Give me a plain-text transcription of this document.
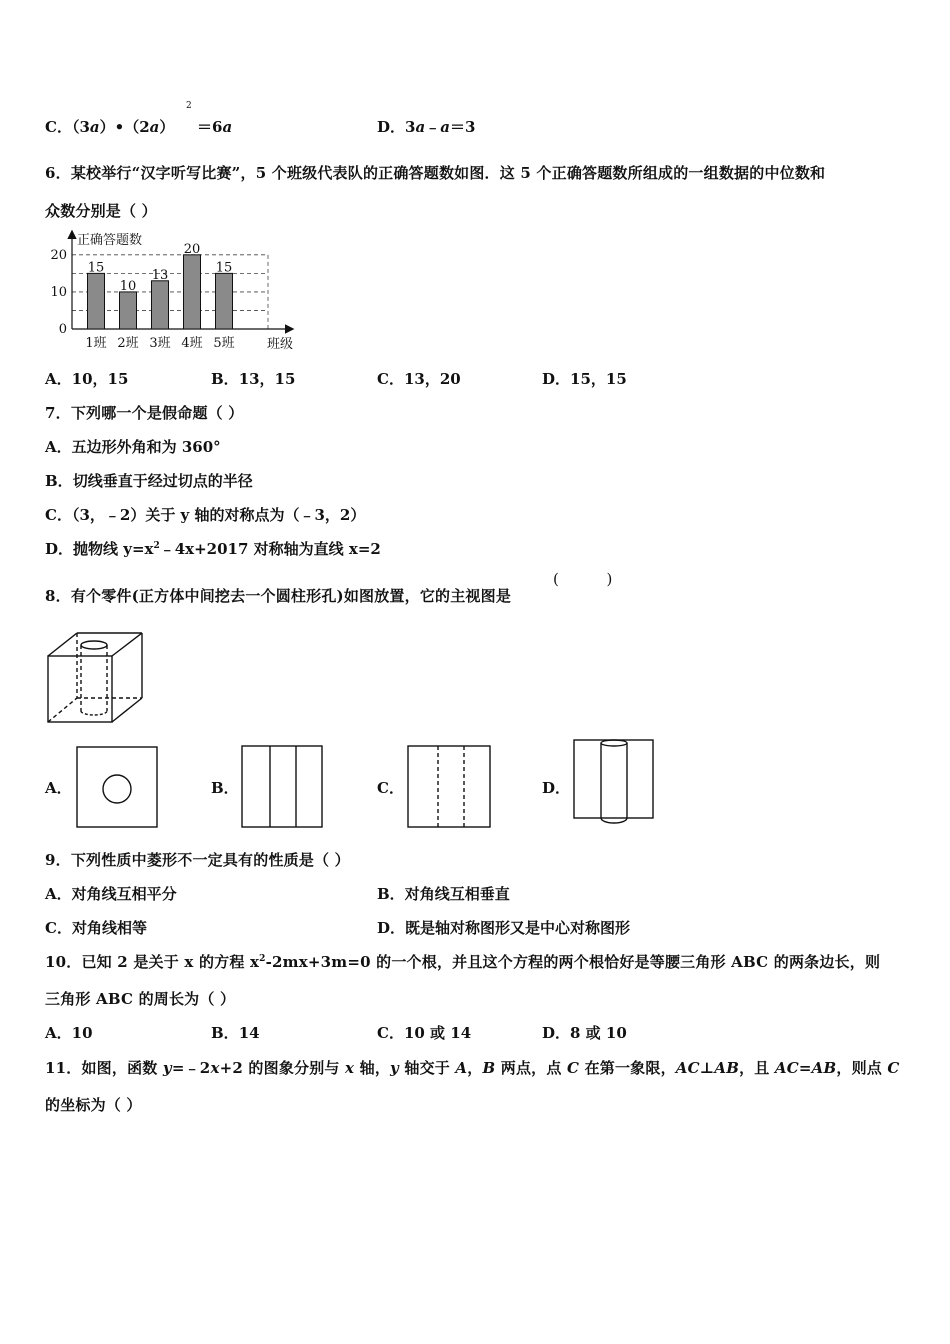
C．（3a）•（2a）
2
＝6a	D．3a﹣a＝3
6．某校举行“汉字听写比赛”，5 个班级代表队的正确答题数如图．这 5 个正确答题数所组成的一组数据的中位数和
众数分别是（ ）
正确答题数
0
10
20
15
1班
10
2班
13
3班
20
4班
15
5班 班级
A．10，15	B．13，15	C．13，20	D．15，15
7．下列哪一个是假命题（ ）
A．五边形外角和为 360°
B．切线垂直于经过切点的半径
C．（3，﹣2）关于 y 轴的对称点为（﹣3，2）
D．抛物线 $y=x^2﹣4x+2017$ 对称轴为直线 x=2
8．有个零件(正方体中间挖去一个圆柱形孔)如图放置，它的主视图是
(          )
A．	B．	C．	D．
9．下列性质中菱形不一定具有的性质是（ ）
A．对角线互相平分	B．对角线互相垂直
C．对角线相等	D．既是轴对称图形又是中心对称图形
10．已知 2 是关于 x 的方程 $x^2-2mx+3m=0$ 的一个根，并且这个方程的两个根恰好是等腰三角形 ABC 的两条边长，则
三角形 ABC 的周长为（ ）
A．10	B．14	C．10 或 14	D．8 或 10
11．如图，函数 y=﹣2x+2 的图象分别与 x 轴，y 轴交于 A，B 两点，点 C 在第一象限，AC⊥AB，且 AC=AB，则点 C
的坐标为（ ）
